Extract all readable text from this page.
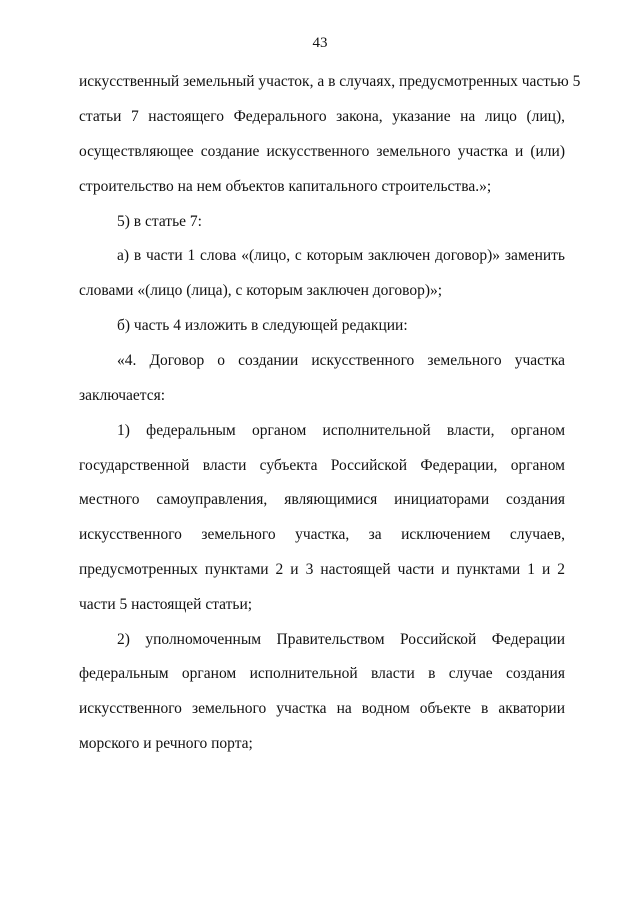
43
искусственный земельный участок, а в случаях, предусмотренных частью 5
статьи 7 настоящего Федерального закона, указание на лицо (лиц),
осуществляющее создание искусственного земельного участка и (или)
строительство на нем объектов капитального строительства.»;
5) в статье 7:
а) в части 1 слова «(лицо, с которым заключен договор)» заменить
словами «(лицо (лица), с которым заключен договор)»;
б) часть 4 изложить в следующей редакции:
«4. Договор о создании искусственного земельного участка
заключается:
1) федеральным органом исполнительной власти, органом
государственной власти субъекта Российской Федерации, органом
местного самоуправления, являющимися инициаторами создания
искусственного земельного участка, за исключением случаев,
предусмотренных пунктами 2 и 3 настоящей части и пунктами 1 и 2
части 5 настоящей статьи;
2) уполномоченным Правительством Российской Федерации
федеральным органом исполнительной власти в случае создания
искусственного земельного участка на водном объекте в акватории
морского и речного порта;
